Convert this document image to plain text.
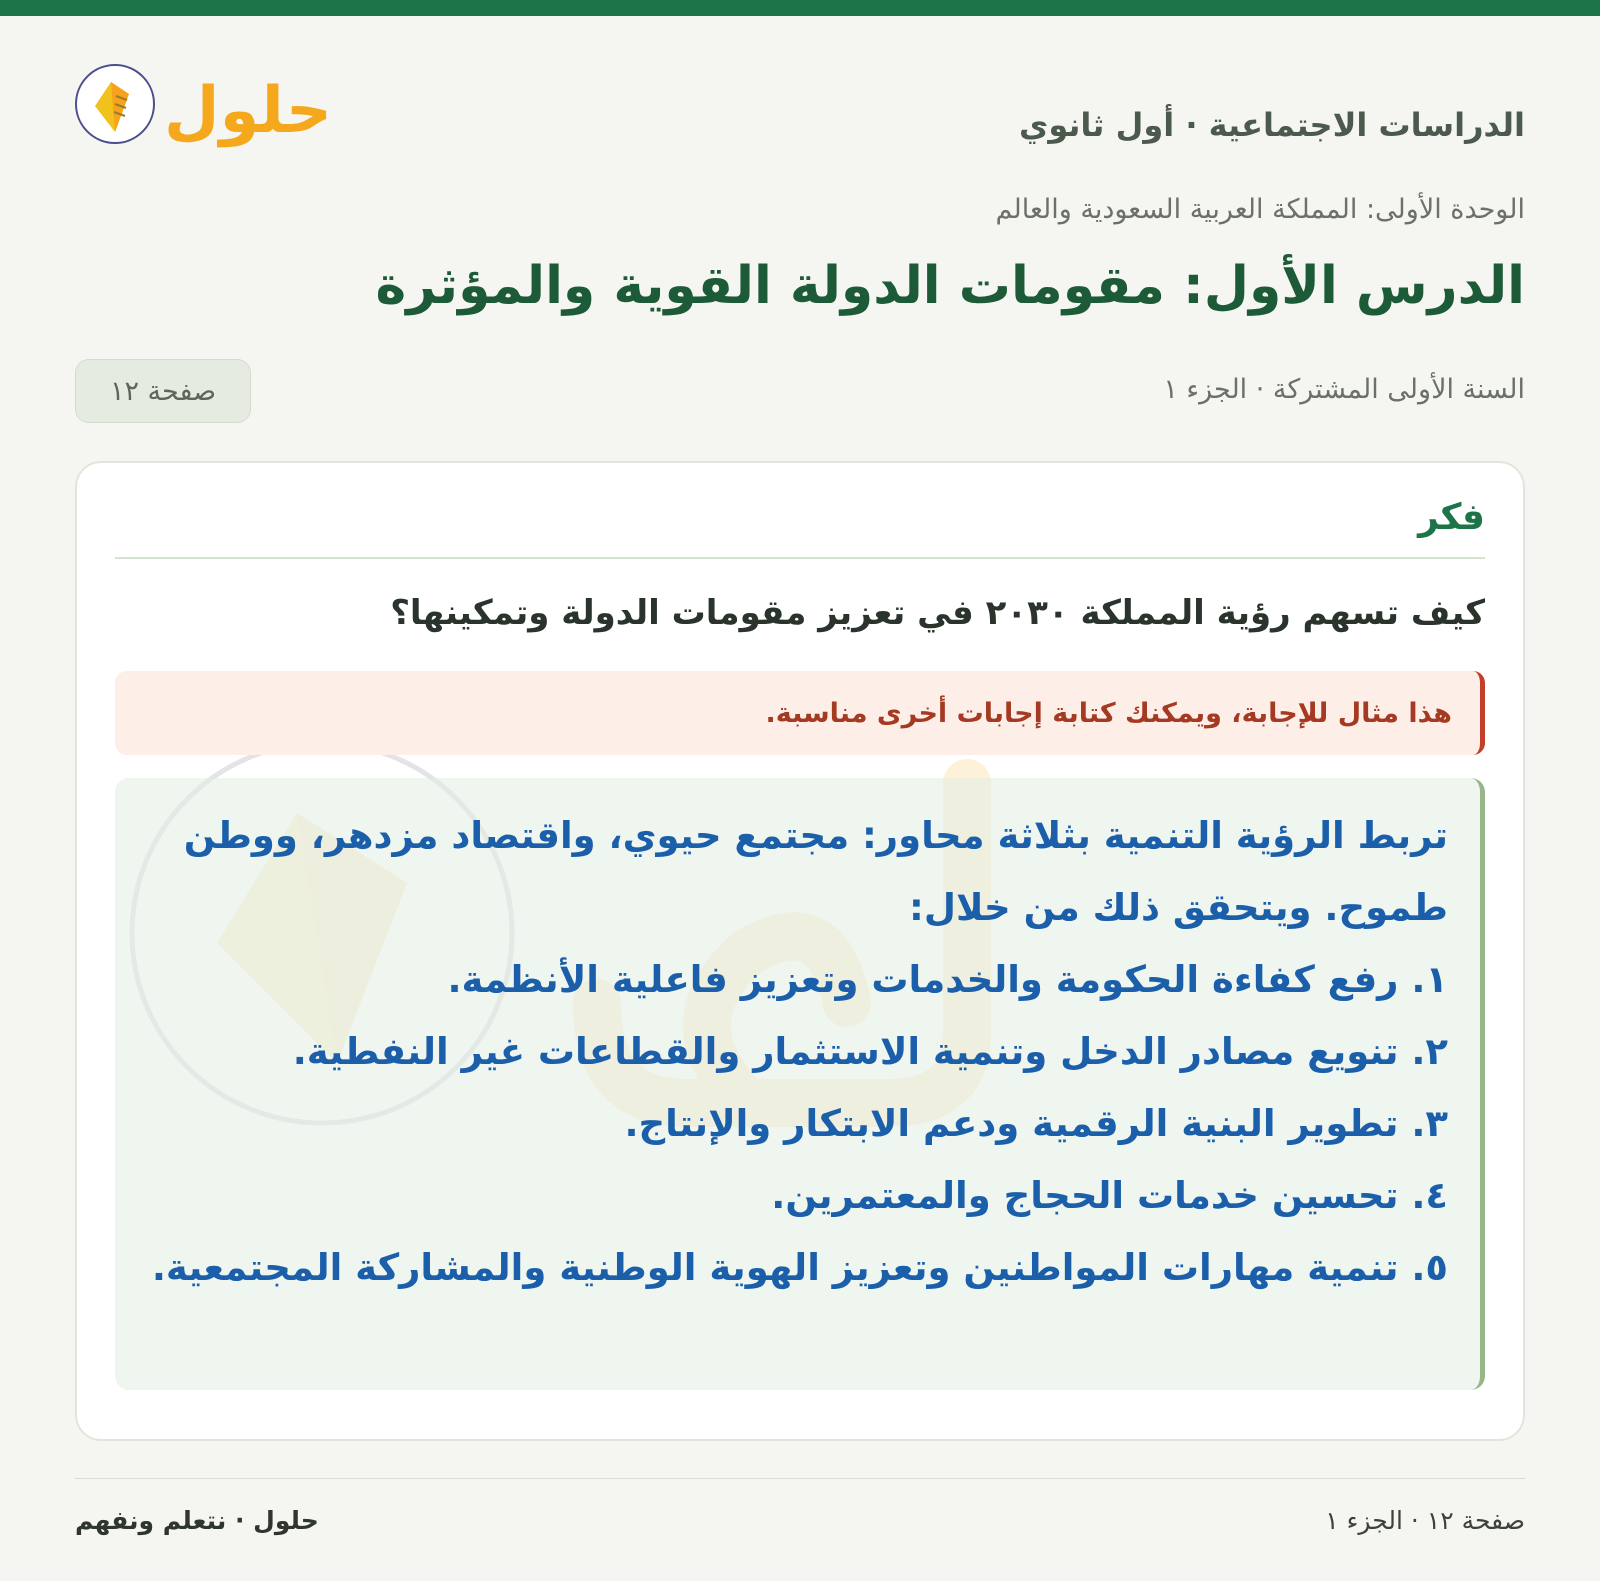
الدراسات الاجتماعية · أول ثانوي
حلول
الوحدة الأولى: المملكة العربية السعودية والعالم
الدرس الأول: مقومات الدولة القوية والمؤثرة
السنة الأولى المشتركة · الجزء ١
صفحة ١٢
فكر
كيف تسهم رؤية المملكة ٢٠٣٠ في تعزيز مقومات الدولة وتمكينها؟
هذا مثال للإجابة، ويمكنك كتابة إجابات أخرى مناسبة.

تربط الرؤية التنمية بثلاثة محاور: مجتمع حيوي، واقتصاد مزدهر، ووطن طموح. ويتحقق ذلك من خلال:

١. رفع كفاءة الحكومة والخدمات وتعزيز فاعلية الأنظمة.
٢. تنويع مصادر الدخل وتنمية الاستثمار والقطاعات غير النفطية.
٣. تطوير البنية الرقمية ودعم الابتكار والإنتاج.
٤. تحسين خدمات الحجاج والمعتمرين.
٥. تنمية مهارات المواطنين وتعزيز الهوية الوطنية والمشاركة المجتمعية.
صفحة ١٢ · الجزء ١
حلول · نتعلم ونفهم
